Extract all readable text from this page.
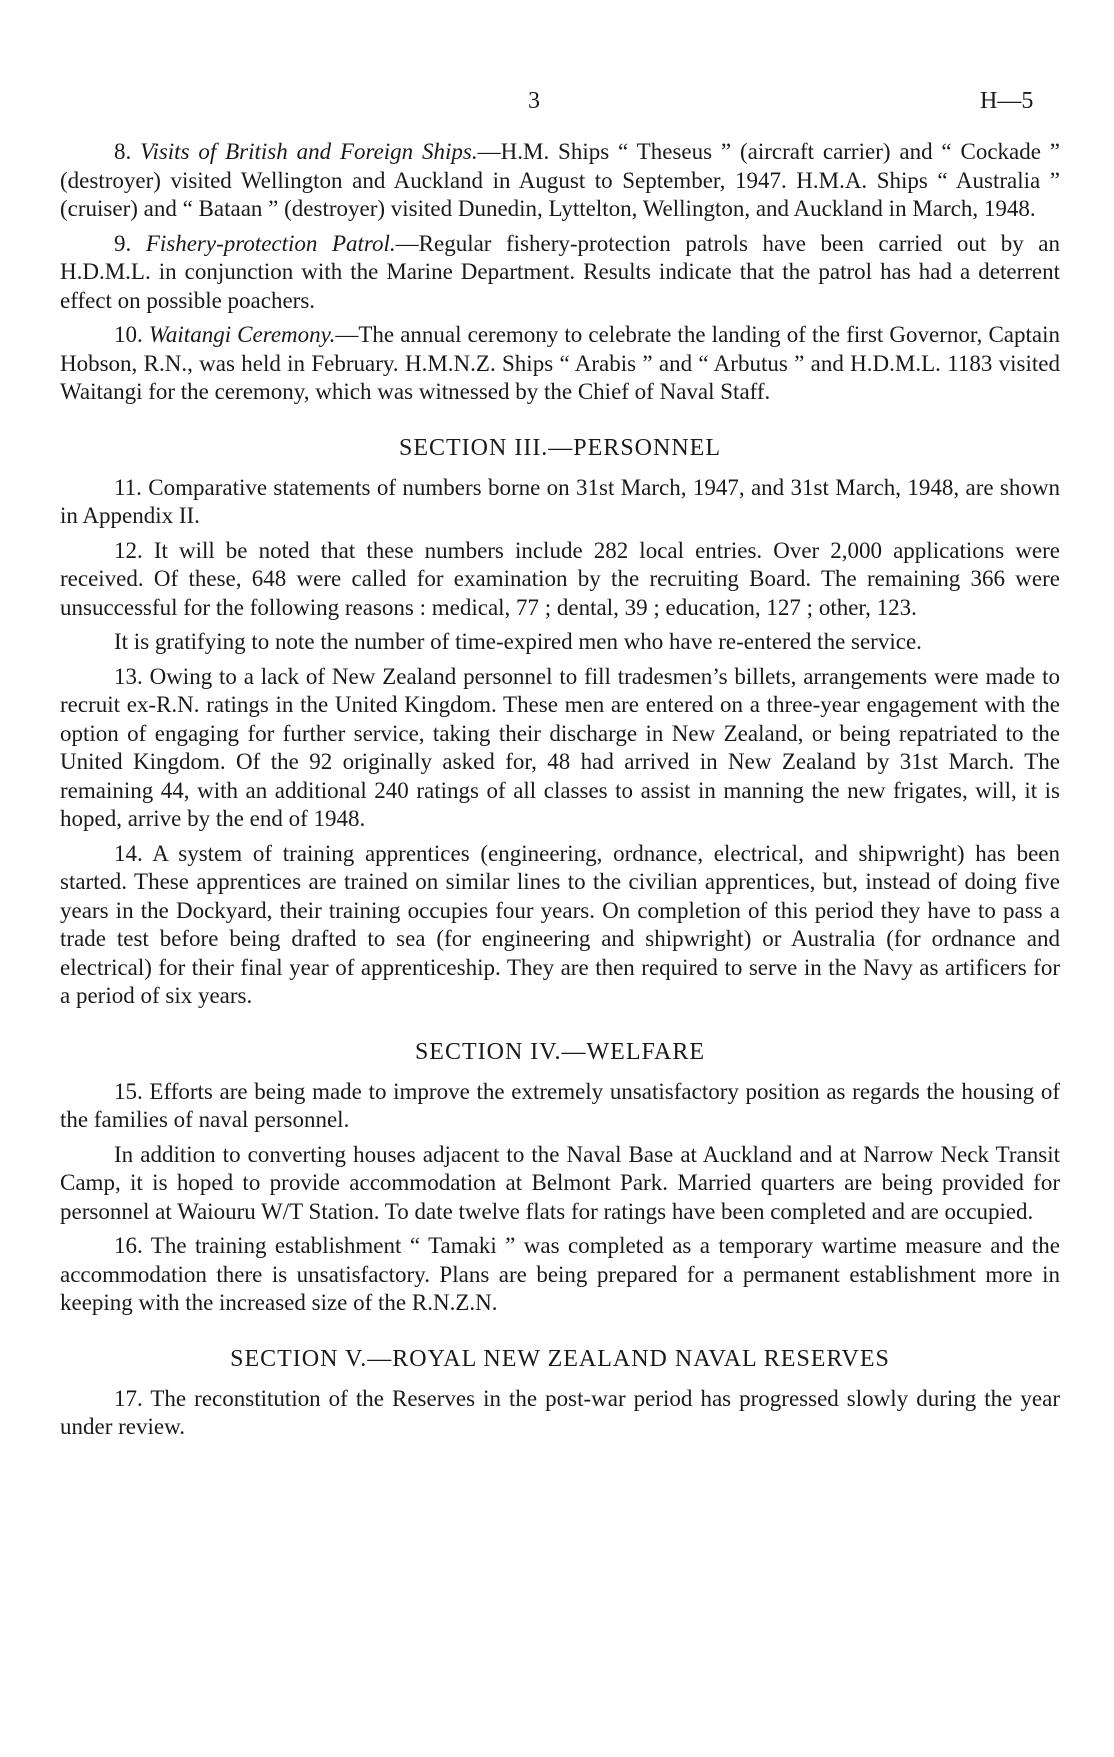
3	H—5

8. Visits of British and Foreign Ships.—H.M. Ships “ Theseus ” (aircraft carrier) and “ Cockade ” (destroyer) visited Wellington and Auckland in August to September, 1947. H.M.A. Ships “ Australia ” (cruiser) and “ Bataan ” (destroyer) visited Dunedin, Lyttelton, Wellington, and Auckland in March, 1948.

9. Fishery-protection Patrol.—Regular fishery-protection patrols have been carried out by an H.D.M.L. in conjunction with the Marine Department. Results indicate that the patrol has had a deterrent effect on possible poachers.

10. Waitangi Ceremony.—The annual ceremony to celebrate the landing of the first Governor, Captain Hobson, R.N., was held in February. H.M.N.Z. Ships “ Arabis ” and “ Arbutus ” and H.D.M.L. 1183 visited Waitangi for the ceremony, which was witnessed by the Chief of Naval Staff.

SECTION III.—PERSONNEL

11. Comparative statements of numbers borne on 31st March, 1947, and 31st March, 1948, are shown in Appendix II.

12. It will be noted that these numbers include 282 local entries. Over 2,000 applications were received. Of these, 648 were called for examination by the recruiting Board. The remaining 366 were unsuccessful for the following reasons : medical, 77 ; dental, 39 ; education, 127 ; other, 123.

It is gratifying to note the number of time-expired men who have re-entered the service.

13. Owing to a lack of New Zealand personnel to fill tradesmen’s billets, arrangements were made to recruit ex-R.N. ratings in the United Kingdom. These men are entered on a three-year engagement with the option of engaging for further service, taking their discharge in New Zealand, or being repatriated to the United Kingdom. Of the 92 originally asked for, 48 had arrived in New Zealand by 31st March. The remaining 44, with an additional 240 ratings of all classes to assist in manning the new frigates, will, it is hoped, arrive by the end of 1948.

14. A system of training apprentices (engineering, ordnance, electrical, and shipwright) has been started. These apprentices are trained on similar lines to the civilian apprentices, but, instead of doing five years in the Dockyard, their training occupies four years. On completion of this period they have to pass a trade test before being drafted to sea (for engineering and shipwright) or Australia (for ordnance and electrical) for their final year of apprenticeship. They are then required to serve in the Navy as artificers for a period of six years.

SECTION IV.—WELFARE

15. Efforts are being made to improve the extremely unsatisfactory position as regards the housing of the families of naval personnel.

In addition to converting houses adjacent to the Naval Base at Auckland and at Narrow Neck Transit Camp, it is hoped to provide accommodation at Belmont Park. Married quarters are being provided for personnel at Waiouru W/T Station. To date twelve flats for ratings have been completed and are occupied.

16. The training establishment “ Tamaki ” was completed as a temporary wartime measure and the accommodation there is unsatisfactory. Plans are being prepared for a permanent establishment more in keeping with the increased size of the R.N.Z.N.

SECTION V.—ROYAL NEW ZEALAND NAVAL RESERVES

17. The reconstitution of the Reserves in the post-war period has progressed slowly during the year under review.
